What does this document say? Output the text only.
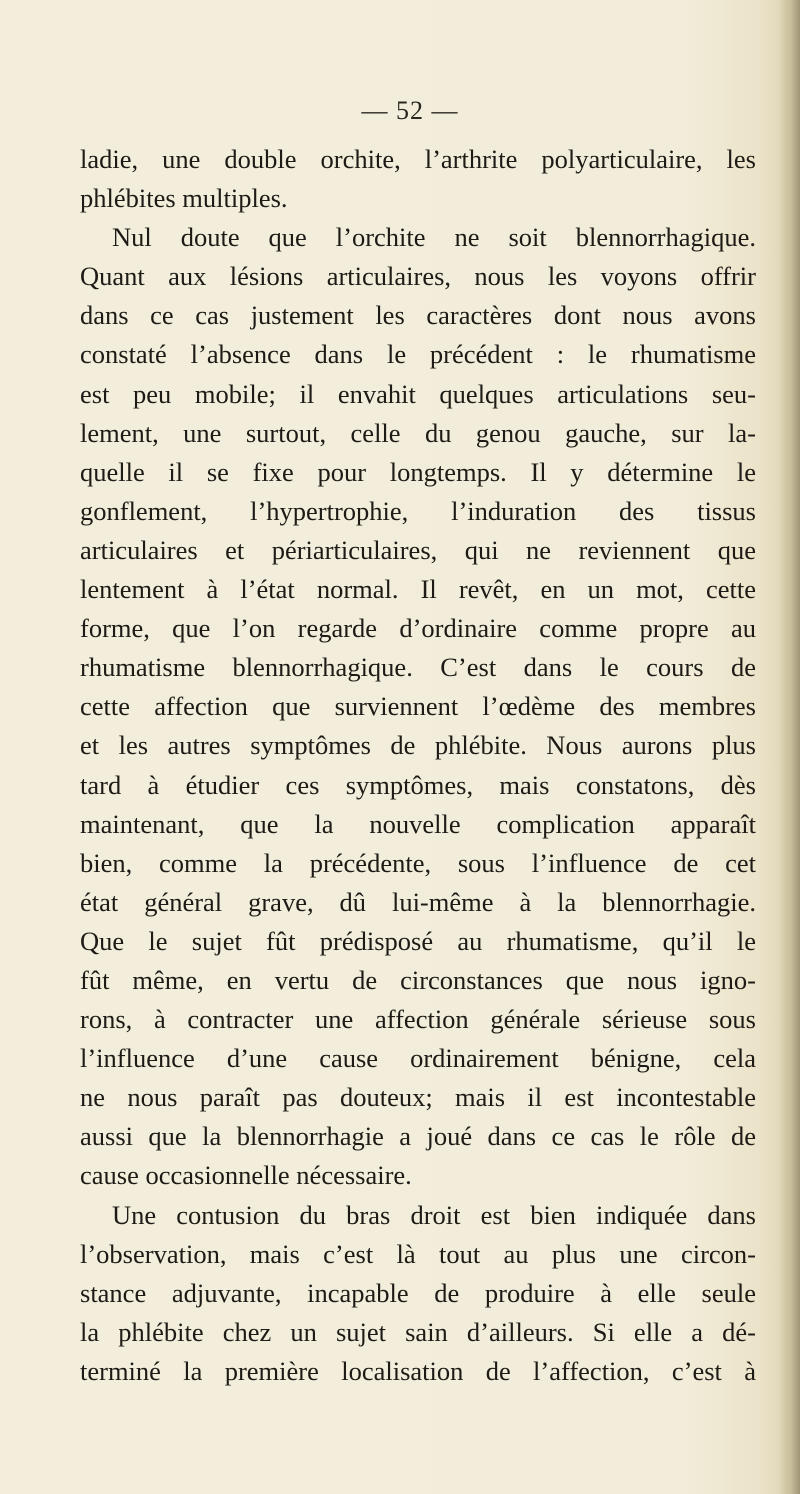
— 52 —
ladie, une double orchite, l’arthrite polyarticulaire, les
phlébites multiples.
Nul doute que l’orchite ne soit blennorrhagique.
Quant aux lésions articulaires, nous les voyons offrir
dans ce cas justement les caractères dont nous avons
constaté l’absence dans le précédent : le rhumatisme
est peu mobile; il envahit quelques articulations seu-
lement, une surtout, celle du genou gauche, sur la-
quelle il se fixe pour longtemps. Il y détermine le
gonflement, l’hypertrophie, l’induration des tissus
articulaires et périarticulaires, qui ne reviennent que
lentement à l’état normal. Il revêt, en un mot, cette
forme, que l’on regarde d’ordinaire comme propre au
rhumatisme blennorrhagique. C’est dans le cours de
cette affection que surviennent l’œdème des membres
et les autres symptômes de phlébite. Nous aurons plus
tard à étudier ces symptômes, mais constatons, dès
maintenant, que la nouvelle complication apparaît
bien, comme la précédente, sous l’influence de cet
état général grave, dû lui-même à la blennorrhagie.
Que le sujet fût prédisposé au rhumatisme, qu’il le
fût même, en vertu de circonstances que nous igno-
rons, à contracter une affection générale sérieuse sous
l’influence d’une cause ordinairement bénigne, cela
ne nous paraît pas douteux; mais il est incontestable
aussi que la blennorrhagie a joué dans ce cas le rôle de
cause occasionnelle nécessaire.
Une contusion du bras droit est bien indiquée dans
l’observation, mais c’est là tout au plus une circon-
stance adjuvante, incapable de produire à elle seule
la phlébite chez un sujet sain d’ailleurs. Si elle a dé-
terminé la première localisation de l’affection, c’est à
